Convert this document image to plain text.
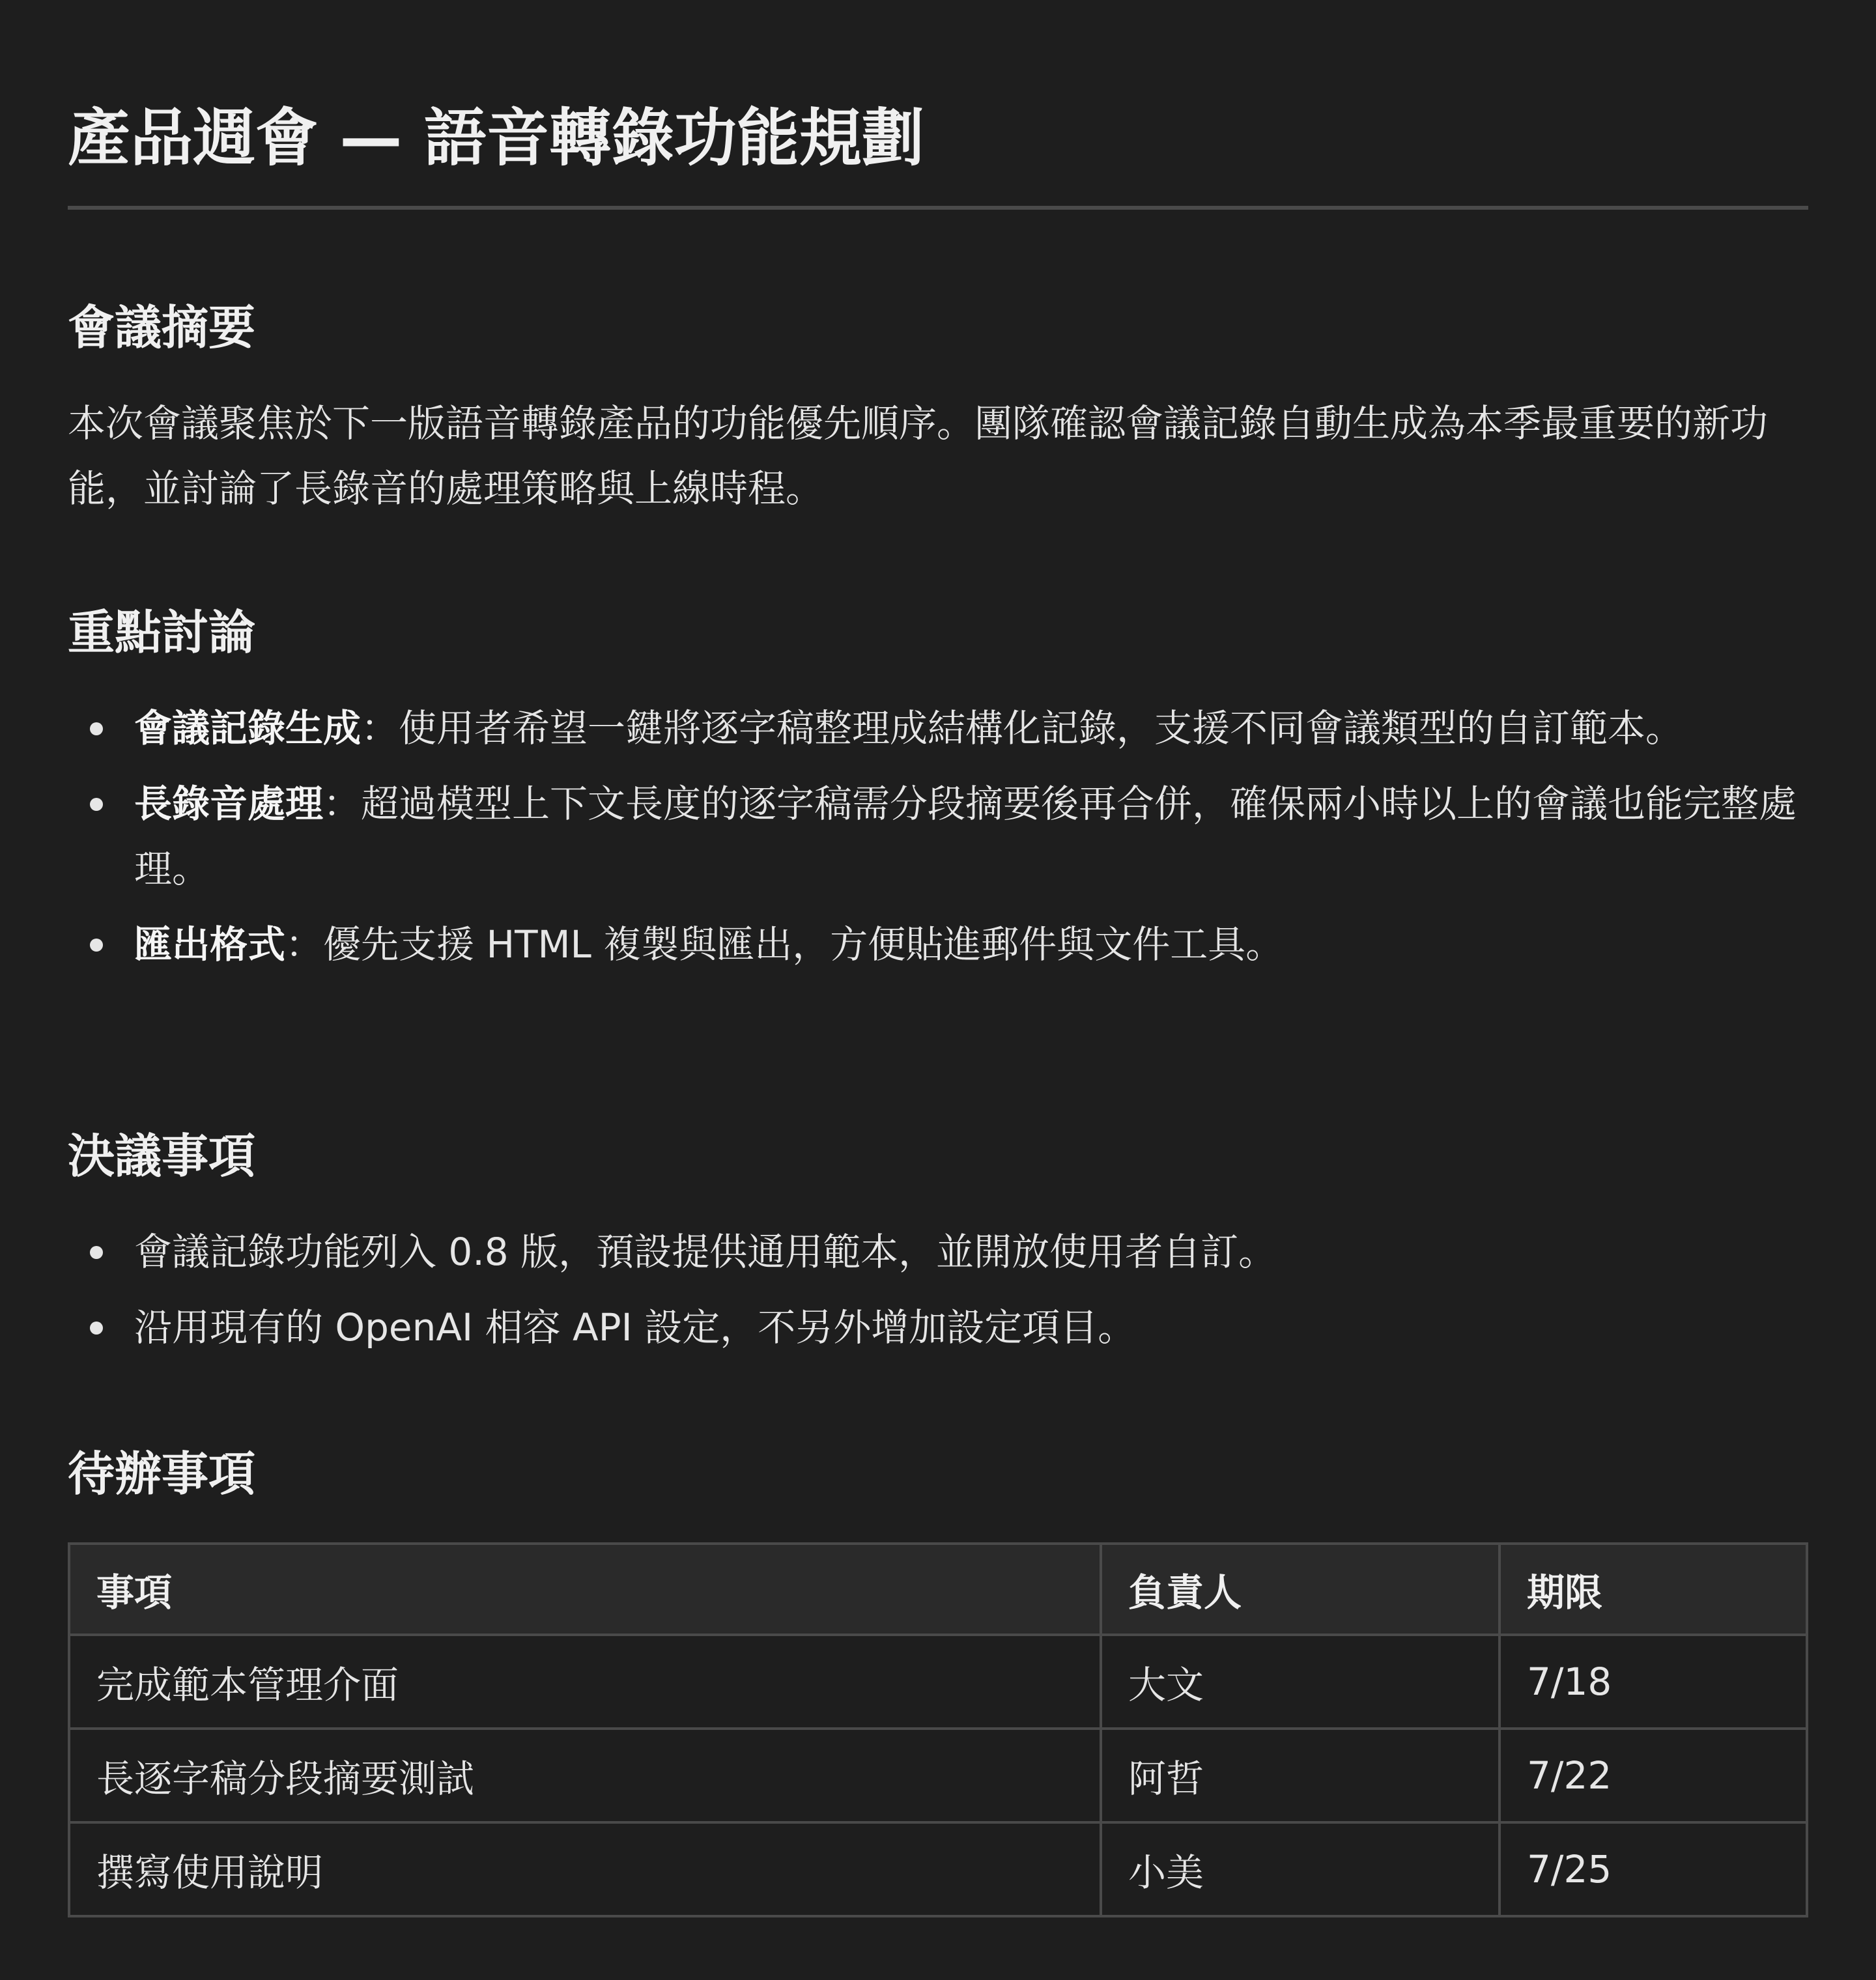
產品週會 — 語音轉錄功能規劃
會議摘要

本次會議聚焦於下一版語音轉錄產品的功能優先順序。團隊確認會議記錄自動生成為本季最重要的新功能，並討論了長錄音的處理策略與上線時程。

重點討論
會議記錄生成：使用者希望一鍵將逐字稿整理成結構化記錄，支援不同會議類型的自訂範本。
長錄音處理：超過模型上下文長度的逐字稿需分段摘要後再合併，確保兩小時以上的會議也能完整處理。
匯出格式：優先支援 HTML 複製與匯出，方便貼進郵件與文件工具。
決議事項
會議記錄功能列入 0.8 版，預設提供通用範本，並開放使用者自訂。
沿用現有的 OpenAI 相容 API 設定，不另外增加設定項目。
待辦事項
事項	負責人	期限
完成範本管理介面	大文	7/18
長逐字稿分段摘要測試	阿哲	7/22
撰寫使用說明	小美	7/25
